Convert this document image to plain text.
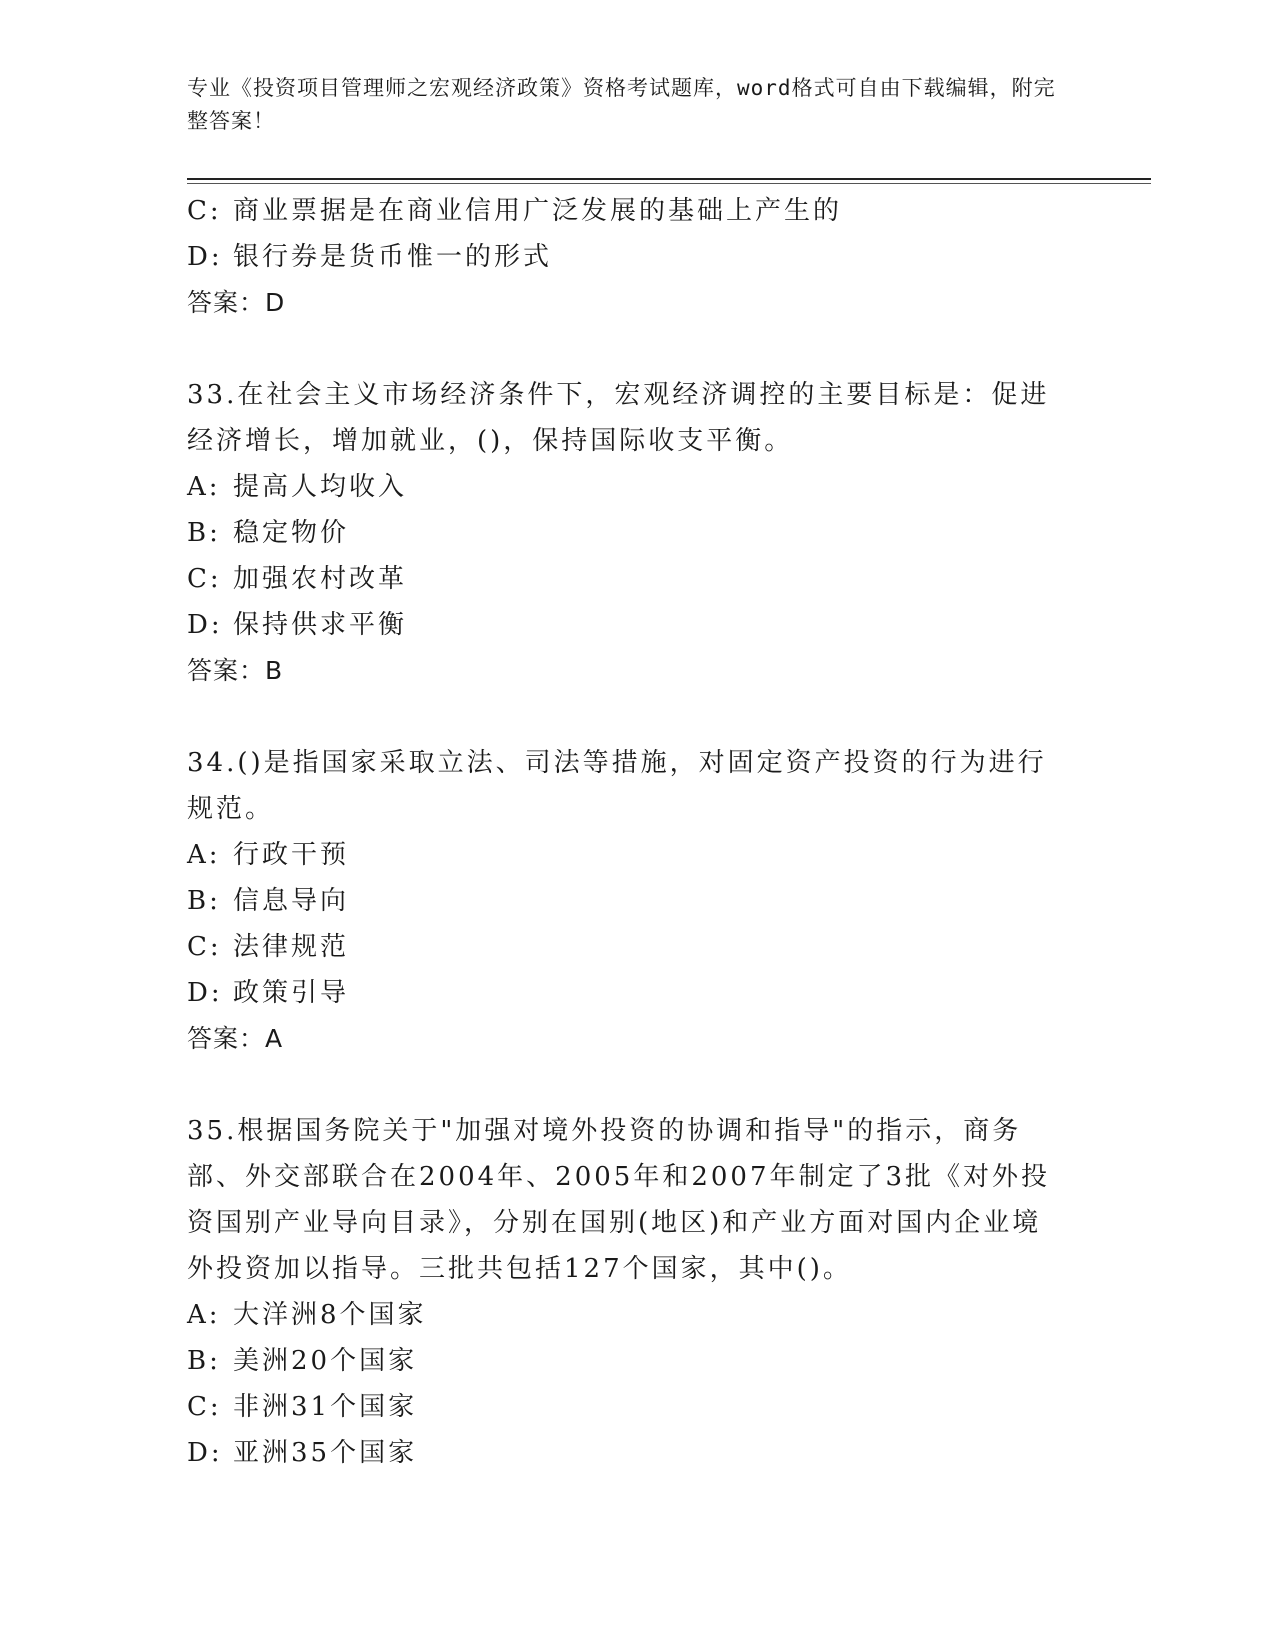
专业《投资项目管理师之宏观经济政策》资格考试题库，word格式可自由下载编辑，附完整答案！
C: 商业票据是在商业信用广泛发展的基础上产生的
D: 银行券是货币惟一的形式
答案：D
33.在社会主义市场经济条件下，宏观经济调控的主要目标是：促进经济增长，增加就业，()，保持国际收支平衡。
A: 提高人均收入
B: 稳定物价
C: 加强农村改革
D: 保持供求平衡
答案：B
34.()是指国家采取立法、司法等措施，对固定资产投资的行为进行规范。
A: 行政干预
B: 信息导向
C: 法律规范
D: 政策引导
答案：A
35.根据国务院关于"加强对境外投资的协调和指导"的指示，商务部、外交部联合在2004年、2005年和2007年制定了3批《对外投资国别产业导向目录》，分别在国别(地区)和产业方面对国内企业境外投资加以指导。三批共包括127个国家，其中()。
A: 大洋洲8个国家
B: 美洲20个国家
C: 非洲31个国家
D: 亚洲35个国家
